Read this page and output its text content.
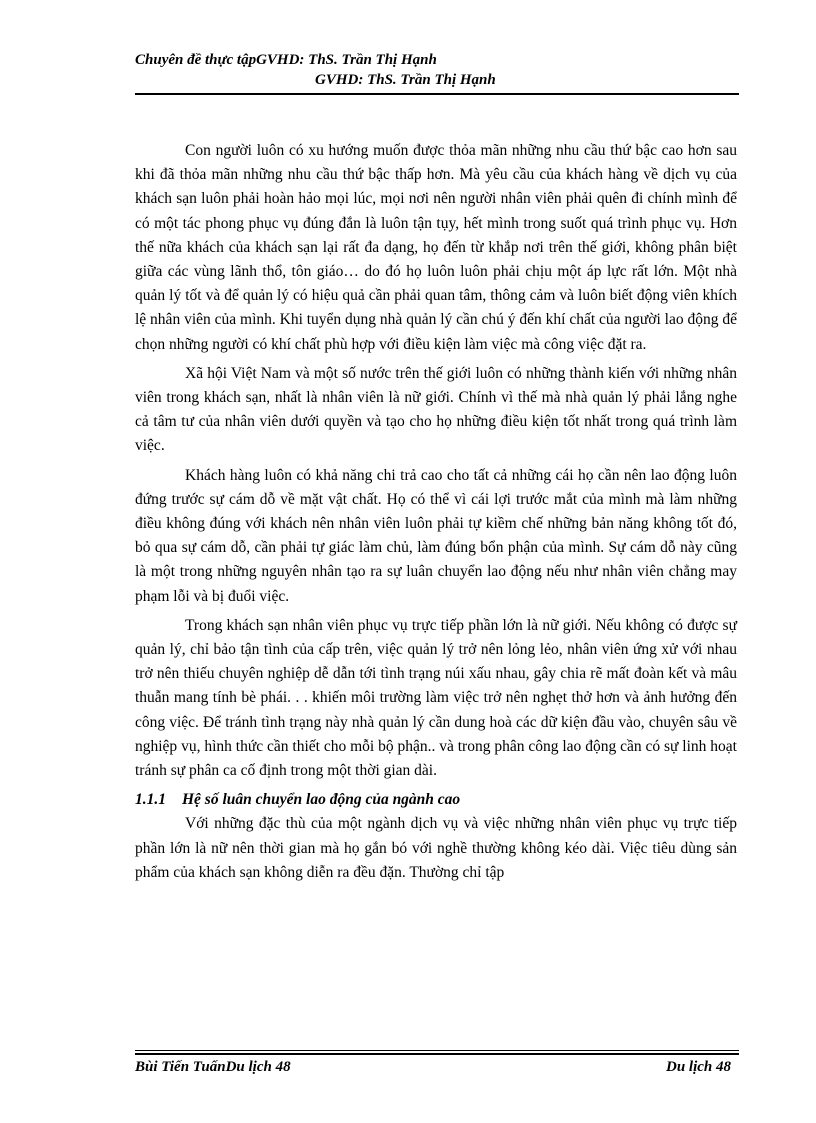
Chuyên đề thực tậpGVHD: ThS. Trần Thị Hạnh
GVHD: ThS. Trần Thị Hạnh

Con người luôn có xu hướng muốn được thỏa mãn những nhu cầu thứ bậc cao hơn sau khi đã thỏa mãn những nhu cầu thứ bậc thấp hơn. Mà yêu cầu của khách hàng về dịch vụ của khách sạn luôn phải hoàn hảo mọi lúc, mọi nơi nên người nhân viên phải quên đi chính mình để có một tác phong phục vụ đúng đắn là luôn tận tụy, hết mình trong suốt quá trình phục vụ. Hơn thế nữa khách của khách sạn lại rất đa dạng, họ đến từ khắp nơi trên thế giới, không phân biệt giữa các vùng lãnh thổ, tôn giáo… do đó họ luôn luôn phải chịu một áp lực rất lớn. Một nhà quản lý tốt và để quản lý có hiệu quả cần phải quan tâm, thông cảm và luôn biết động viên khích lệ nhân viên của mình. Khi tuyển dụng nhà quản lý cần chú ý đến khí chất của người lao động để chọn những người có khí chất phù hợp với điều kiện làm việc mà công việc đặt ra.

Xã hội Việt Nam và một số nước trên thế giới luôn có những thành kiến với những nhân viên trong khách sạn, nhất là nhân viên là nữ giới. Chính vì thế mà nhà quản lý phải lắng nghe cả tâm tư của nhân viên dưới quyền và tạo cho họ những điều kiện tốt nhất trong quá trình làm việc.

Khách hàng luôn có khả năng chi trả cao cho tất cả những cái họ cần nên lao động luôn đứng trước sự cám dỗ về mặt vật chất. Họ có thể vì cái lợi trước mắt của mình mà làm những điều không đúng với khách nên nhân viên luôn phải tự kiềm chế những bản năng không tốt đó, bỏ qua sự cám dỗ, cần phải tự giác làm chủ, làm đúng bổn phận của mình. Sự cám dỗ này cũng là một trong những nguyên nhân tạo ra sự luân chuyển lao động nếu như nhân viên chẳng may phạm lỗi và bị đuổi việc.

Trong khách sạn nhân viên phục vụ trực tiếp phần lớn là nữ giới. Nếu không có được sự quản lý, chỉ bảo tận tình của cấp trên, việc quản lý trở nên lỏng lẻo, nhân viên ứng xử với nhau trở nên thiếu chuyên nghiệp dễ dẫn tới tình trạng núi xấu nhau, gây chia rẽ mất đoàn kết và mâu thuẫn mang tính bè phái. . . khiến môi trường làm việc trở nên nghẹt thở hơn và ảnh hưởng đến công việc. Để tránh tình trạng này nhà quản lý cần dung hoà các dữ kiện đầu vào, chuyên sâu về nghiệp vụ, hình thức cần thiết cho mỗi bộ phận.. và trong phân công lao động cần có sự linh hoạt tránh sự phân ca cố định trong một thời gian dài.

1.1.1 Hệ số luân chuyển lao động của ngành cao

Với những đặc thù của một ngành dịch vụ và việc những nhân viên phục vụ trực tiếp phần lớn là nữ nên thời gian mà họ gắn bó với nghề thường không kéo dài. Việc tiêu dùng sản phẩm của khách sạn không diễn ra đều đặn. Thường chỉ tập

Bùi Tiến TuấnDu lịch 48	Du lịch 48
